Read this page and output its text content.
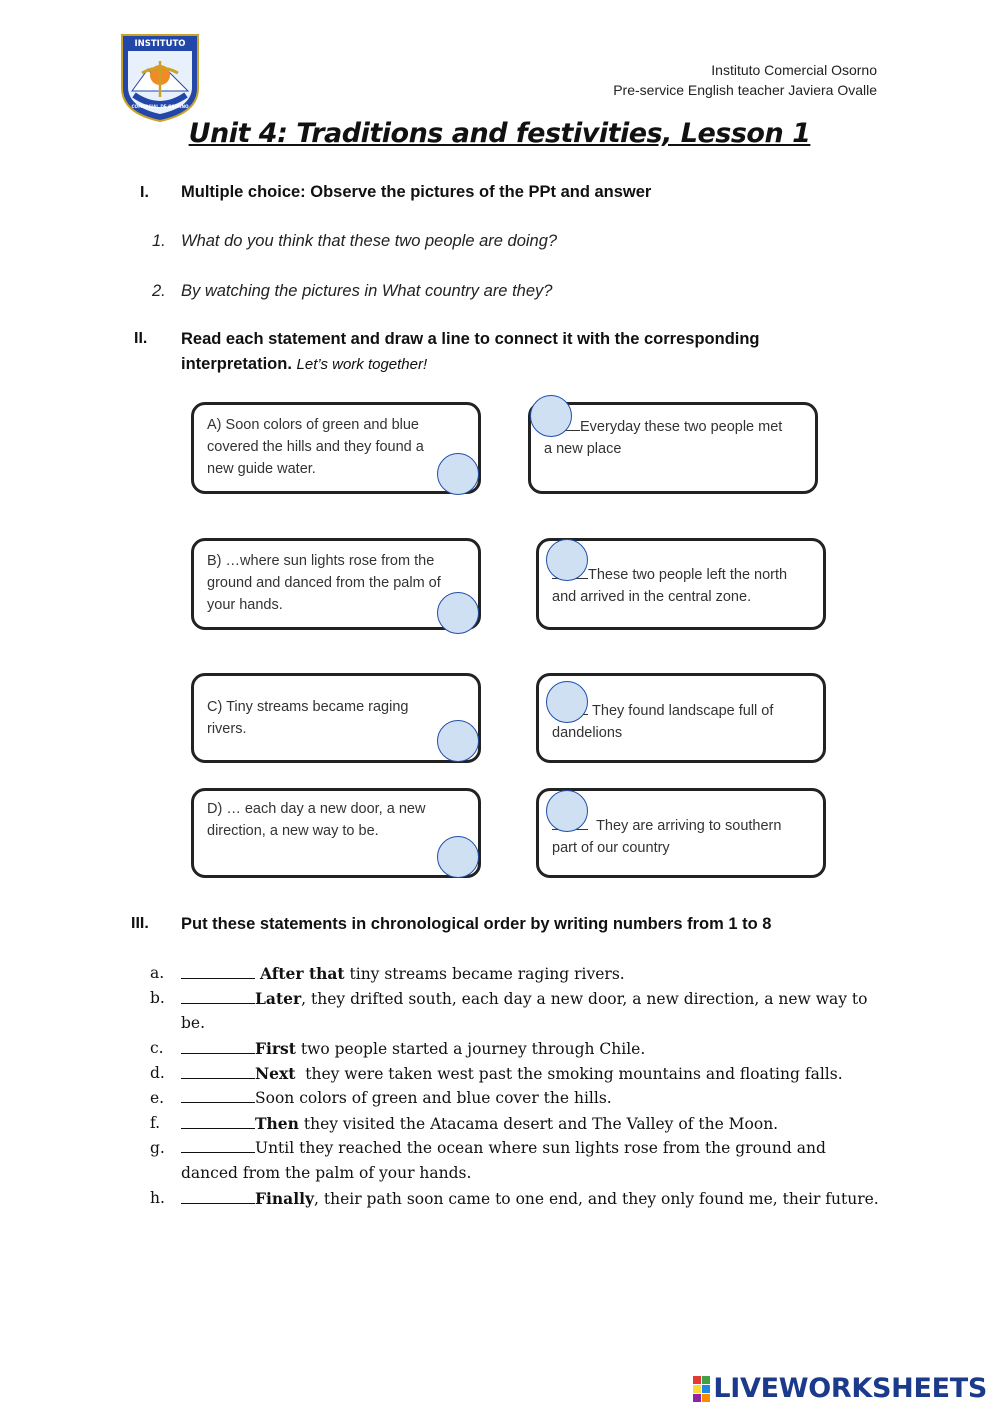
INSTITUTO
COMERCIAL DE OSORNO
Instituto Comercial Osorno
Pre-service English teacher Javiera Ovalle
Unit 4: Traditions and festivities, Lesson 1
I. Multiple choice: Observe the pictures of the PPt and answer
1. What do you think that these two people are doing?
2. By watching the pictures in What country are they?
II. Read each statement and draw a line to connect it with the corresponding
interpretation. Let’s work together!
A) Soon colors of green and blue
covered the hills and they found a
new guide water.
B) …where sun lights rose from the
ground and danced from the palm of
your hands.
C) Tiny streams became raging
rivers.
D) … each day a new door, a new
direction, a new way to be.
Everyday these two people met
a new place
These two people left the north
and arrived in the central zone.
They found landscape full of
dandelions
They are arriving to southern
part of our country
III. Put these statements in chronological order by writing numbers from 1 to 8
a.	After that tiny streams became raging rivers.
b.	Later, they drifted south, each day a new door, a new direction, a new way to
be.
c.	First two people started a journey through Chile.
d.	Next  they were taken west past the smoking mountains and floating falls.
e.	Soon colors of green and blue cover the hills.
f.	Then they visited the Atacama desert and The Valley of the Moon.
g.	Until they reached the ocean where sun lights rose from the ground and
danced from the palm of your hands.
h.	Finally, their path soon came to one end, and they only found me, their future.
LIVEWORKSHEETS
